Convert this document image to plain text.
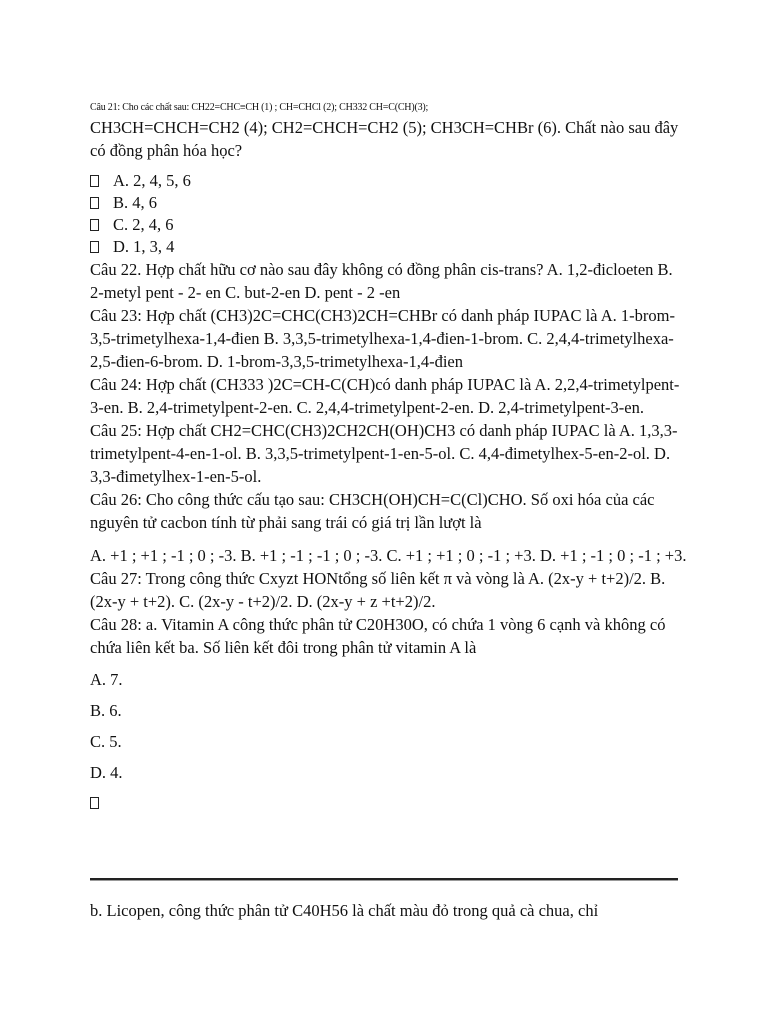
Câu 21: Cho các chất sau: CH22=CHC≡CH (1) ; CH=CHCl (2); CH332 CH=C(CH)(3);

CH3CH=CHCH=CH2 (4); CH2=CHCH=CH2 (5); CH3CH=CHBr (6). Chất nào sau đây có đồng phân hóa học?

A. 2, 4, 5, 6

B. 4, 6

C. 2, 4, 6

D. 1, 3, 4

Câu 22. Hợp chất hữu cơ nào sau đây không có đồng phân cis-trans? A. 1,2-đicloeten B. 2-metyl pent - 2- en C. but-2-en D. pent - 2 -en

Câu 23: Hợp chất (CH3)2C=CHC(CH3)2CH=CHBr có danh pháp IUPAC là A. 1-brom-3,5-trimetylhexa-1,4-đien B. 3,3,5-trimetylhexa-1,4-đien-1-brom. C. 2,4,4-trimetylhexa-2,5-đien-6-brom. D. 1-brom-3,3,5-trimetylhexa-1,4-đien

Câu 24: Hợp chất (CH333 )2C=CH-C(CH)có danh pháp IUPAC là A. 2,2,4-trimetylpent-3-en. B. 2,4-trimetylpent-2-en. C. 2,4,4-trimetylpent-2-en. D. 2,4-trimetylpent-3-en.

Câu 25: Hợp chất CH2=CHC(CH3)2CH2CH(OH)CH3 có danh pháp IUPAC là A. 1,3,3-trimetylpent-4-en-1-ol. B. 3,3,5-trimetylpent-1-en-5-ol. C. 4,4-đimetylhex-5-en-2-ol. D. 3,3-đimetylhex-1-en-5-ol.

Câu 26: Cho công thức cấu tạo sau: CH3CH(OH)CH=C(Cl)CHO. Số oxi hóa của các nguyên tử cacbon tính từ phải sang trái có giá trị lần lượt là

A. +1 ; +1 ; -1 ; 0 ; -3. B. +1 ; -1 ; -1 ; 0 ; -3. C. +1 ; +1 ; 0 ; -1 ; +3. D. +1 ; -1 ; 0 ; -1 ; +3.

Câu 27: Trong công thức Cxyzt HONtổng số liên kết π và vòng là A. (2x-y + t+2)/2. B. (2x-y + t+2). C. (2x-y - t+2)/2. D. (2x-y + z +t+2)/2.

Câu 28: a. Vitamin A công thức phân tử C20H30O, có chứa 1 vòng 6 cạnh và không có chứa liên kết ba. Số liên kết đôi trong phân tử vitamin A là

A. 7.

B. 6.

C. 5.

D. 4.

b. Licopen, công thức phân tử C40H56 là chất màu đỏ trong quả cà chua, chỉ
